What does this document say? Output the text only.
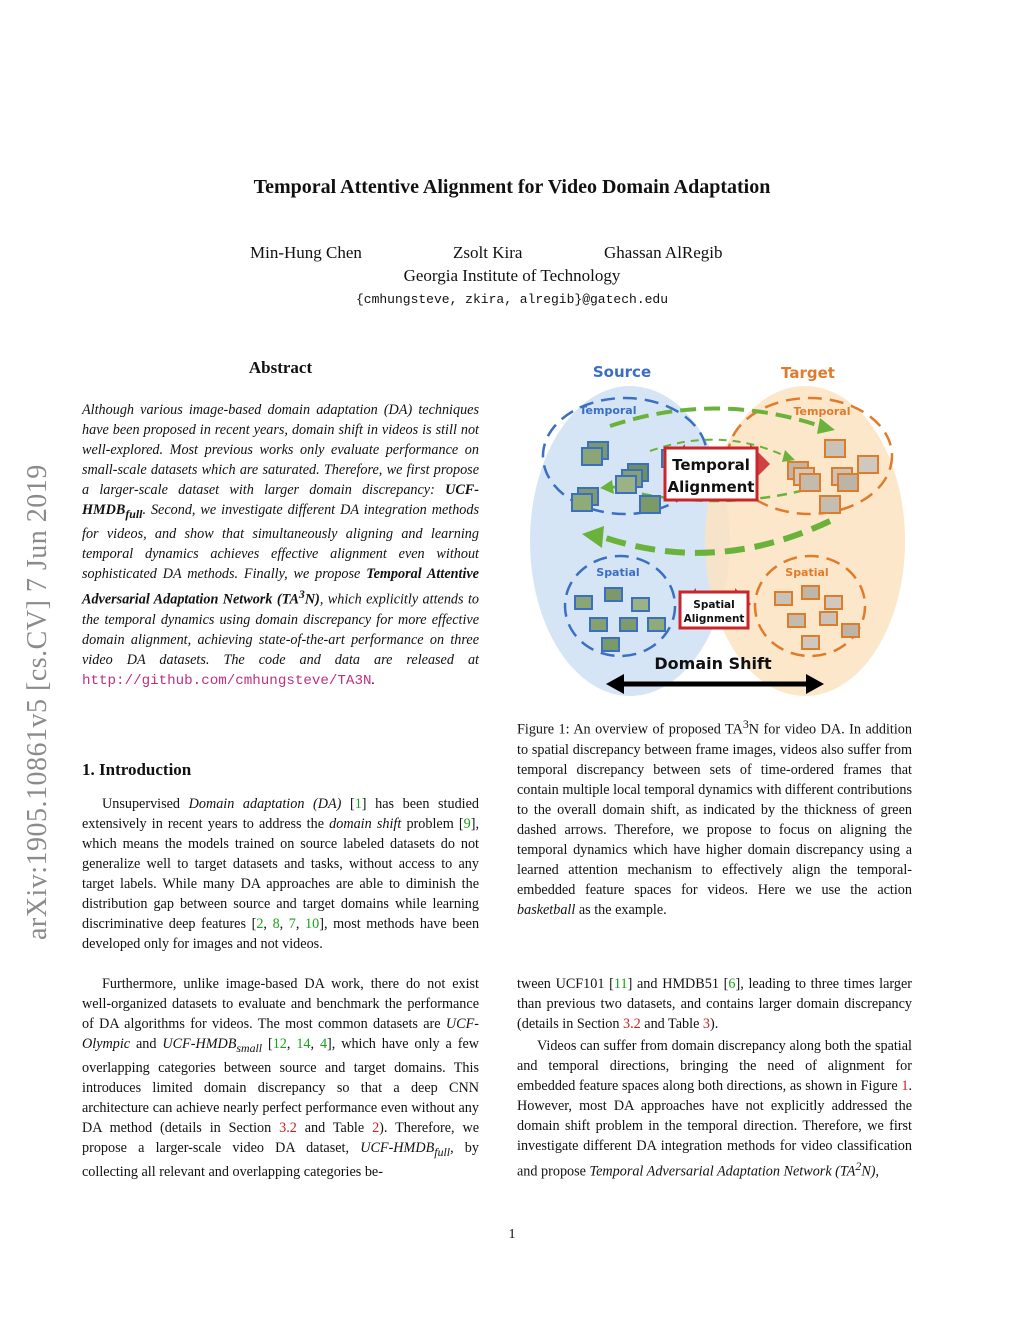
arXiv:1905.10861v5 [cs.CV] 7 Jun 2019
Temporal Attentive Alignment for Video Domain Adaptation
Min-Hung Chen	Zsolt Kira	Ghassan AlRegib
Georgia Institute of Technology
{cmhungsteve, zkira, alregib}@gatech.edu
Abstract
Although various image-based domain adaptation (DA) techniques have been proposed in recent years, domain shift in videos is still not well-explored. Most previous works only evaluate performance on small-scale datasets which are saturated. Therefore, we first propose a larger-scale dataset with larger domain discrepancy: UCF-$HMDB_{full}$. Second, we investigate different DA integration methods for videos, and show that simultaneously aligning and learning temporal dynamics achieves effective alignment even without sophisticated DA methods. Finally, we propose Temporal Attentive Adversarial Adaptation Network $(TA^3N)$, which explicitly attends to the temporal dynamics using domain discrepancy for more effective domain alignment, achieving state-of-the-art performance on three video DA datasets. The code and data are released at http://github.com/cmhungsteve/TA3N.
1. Introduction
Unsupervised Domain adaptation (DA) [1] has been studied extensively in recent years to address the domain shift problem [9], which means the models trained on source labeled datasets do not generalize well to target datasets and tasks, without access to any target labels. While many DA approaches are able to diminish the distribution gap between source and target domains while learning discriminative deep features [2, 8, 7, 10], most methods have been developed only for images and not videos.
Furthermore, unlike image-based DA work, there do not exist well-organized datasets to evaluate and benchmark the performance of DA algorithms for videos. The most common datasets are UCF-Olympic and UCF-$HMDB_{small}$ [12, 14, 4], which have only a few overlapping categories between source and target domains. This introduces limited domain discrepancy so that a deep CNN architecture can achieve nearly perfect performance even without any DA method (details in Section 3.2 and Table 2). Therefore, we propose a larger-scale video DA dataset, UCF-$HMDB_{full}$, by collecting all relevant and overlapping categories be-
Source	Target
Temporal	Temporal
Spatial	Spatial
Temporal
Alignment
Spatial
Alignment
Domain Shift
Figure 1: An overview of proposed $TA^3N$ for video DA. In addition to spatial discrepancy between frame images, videos also suffer from temporal discrepancy between sets of time-ordered frames that contain multiple local temporal dynamics with different contributions to the overall domain shift, as indicated by the thickness of green dashed arrows. Therefore, we propose to focus on aligning the temporal dynamics which have higher domain discrepancy using a learned attention mechanism to effectively align the temporal-embedded feature spaces for videos. Here we use the action basketball as the example.
tween UCF101 [11] and HMDB51 [6], leading to three times larger than previous two datasets, and contains larger domain discrepancy (details in Section 3.2 and Table 3).
Videos can suffer from domain discrepancy along both the spatial and temporal directions, bringing the need of alignment for embedded feature spaces along both directions, as shown in Figure 1. However, most DA approaches have not explicitly addressed the domain shift problem in the temporal direction. Therefore, we first investigate different DA integration methods for video classification and propose Temporal Adversarial Adaptation Network $(TA^2N)$,
1
